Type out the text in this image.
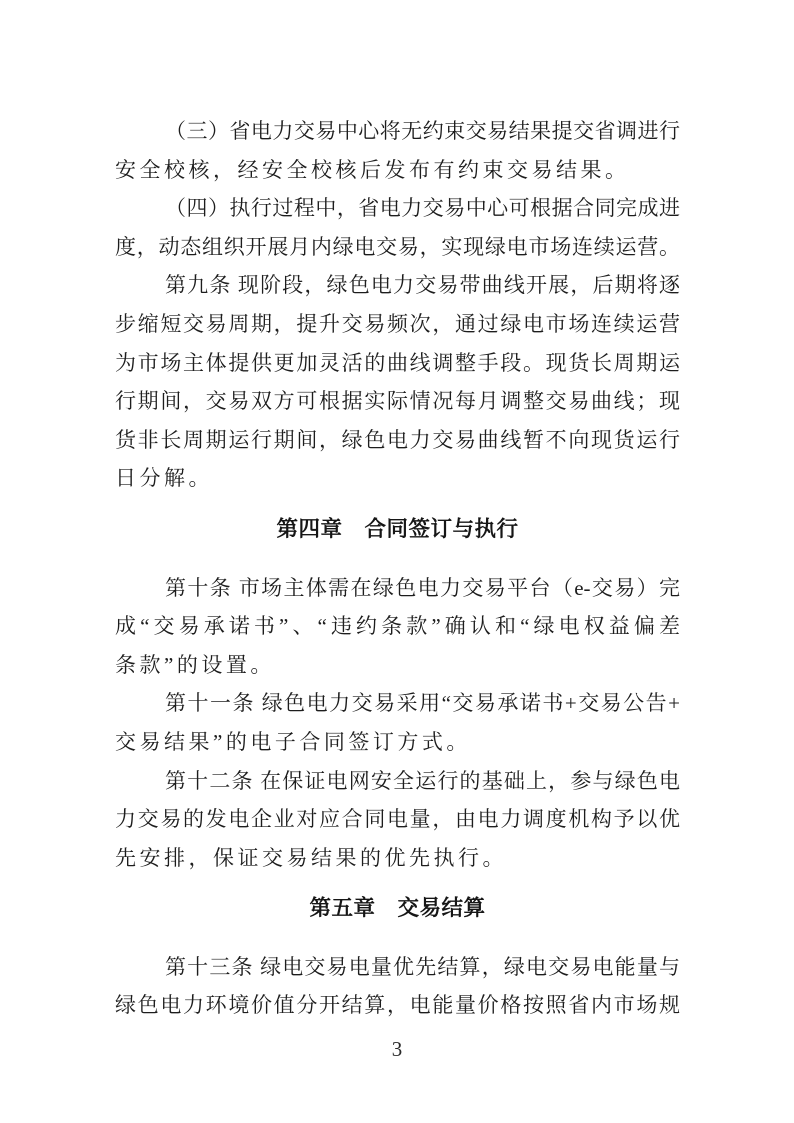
（三）省电力交易中心将无约束交易结果提交省调进行
安全校核，经安全校核后发布有约束交易结果。
（四）执行过程中，省电力交易中心可根据合同完成进
度，动态组织开展月内绿电交易，实现绿电市场连续运营。
第九条 现阶段，绿色电力交易带曲线开展，后期将逐
步缩短交易周期，提升交易频次，通过绿电市场连续运营
为市场主体提供更加灵活的曲线调整手段。现货长周期运
行期间，交易双方可根据实际情况每月调整交易曲线；现
货非长周期运行期间，绿色电力交易曲线暂不向现货运行
日分解。
第四章　合同签订与执行
第十条 市场主体需在绿色电力交易平台（e-交易）完
成“交易承诺书”、“违约条款”确认和“绿电权益偏差
条款”的设置。
第十一条 绿色电力交易采用“交易承诺书+交易公告+
交易结果”的电子合同签订方式。
第十二条 在保证电网安全运行的基础上，参与绿色电
力交易的发电企业对应合同电量，由电力调度机构予以优
先安排，保证交易结果的优先执行。
第五章　交易结算
第十三条 绿电交易电量优先结算，绿电交易电能量与
绿色电力环境价值分开结算，电能量价格按照省内市场规
3
